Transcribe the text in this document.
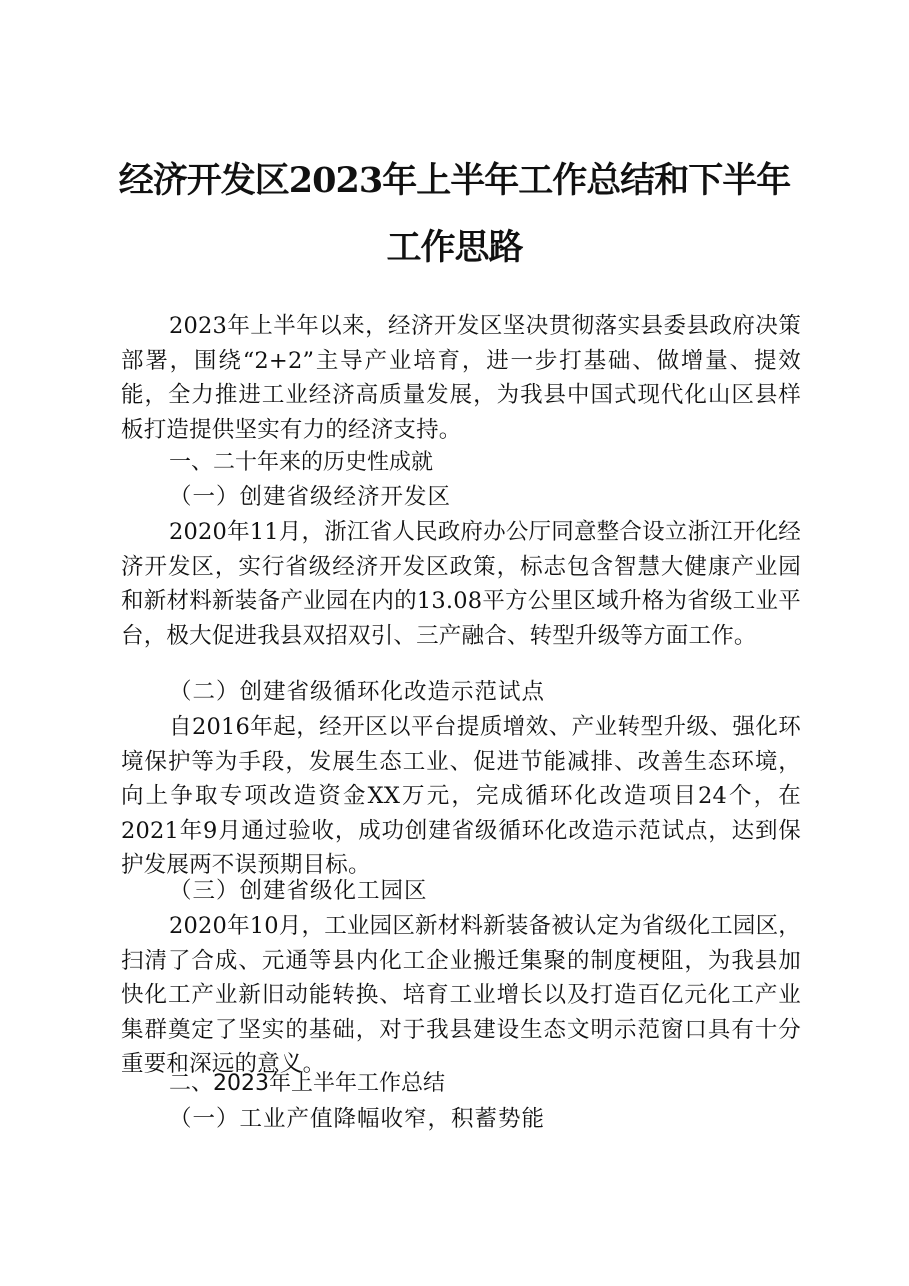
经济开发区2023年上半年工作总结和下半年
工作思路

2023年上半年以来，经济开发区坚决贯彻落实县委县政府决策部署，围绕“2+2”主导产业培育，进一步打基础、做增量、提效能，全力推进工业经济高质量发展，为我县中国式现代化山区县样板打造提供坚实有力的经济支持。

一、二十年来的历史性成就

（一）创建省级经济开发区

2020年11月，浙江省人民政府办公厅同意整合设立浙江开化经济开发区，实行省级经济开发区政策，标志包含智慧大健康产业园和新材料新装备产业园在内的13.08平方公里区域升格为省级工业平台，极大促进我县双招双引、三产融合、转型升级等方面工作。

（二）创建省级循环化改造示范试点

自2016年起，经开区以平台提质增效、产业转型升级、强化环境保护等为手段，发展生态工业、促进节能减排、改善生态环境，向上争取专项改造资金XX万元，完成循环化改造项目24个，在2021年9月通过验收，成功创建省级循环化改造示范试点，达到保护发展两不误预期目标。

（三）创建省级化工园区

2020年10月，工业园区新材料新装备被认定为省级化工园区，扫清了合成、元通等县内化工企业搬迁集聚的制度梗阻，为我县加快化工产业新旧动能转换、培育工业增长以及打造百亿元化工产业集群奠定了坚实的基础，对于我县建设生态文明示范窗口具有十分重要和深远的意义。

二、2023年上半年工作总结

（一）工业产值降幅收窄，积蓄势能
